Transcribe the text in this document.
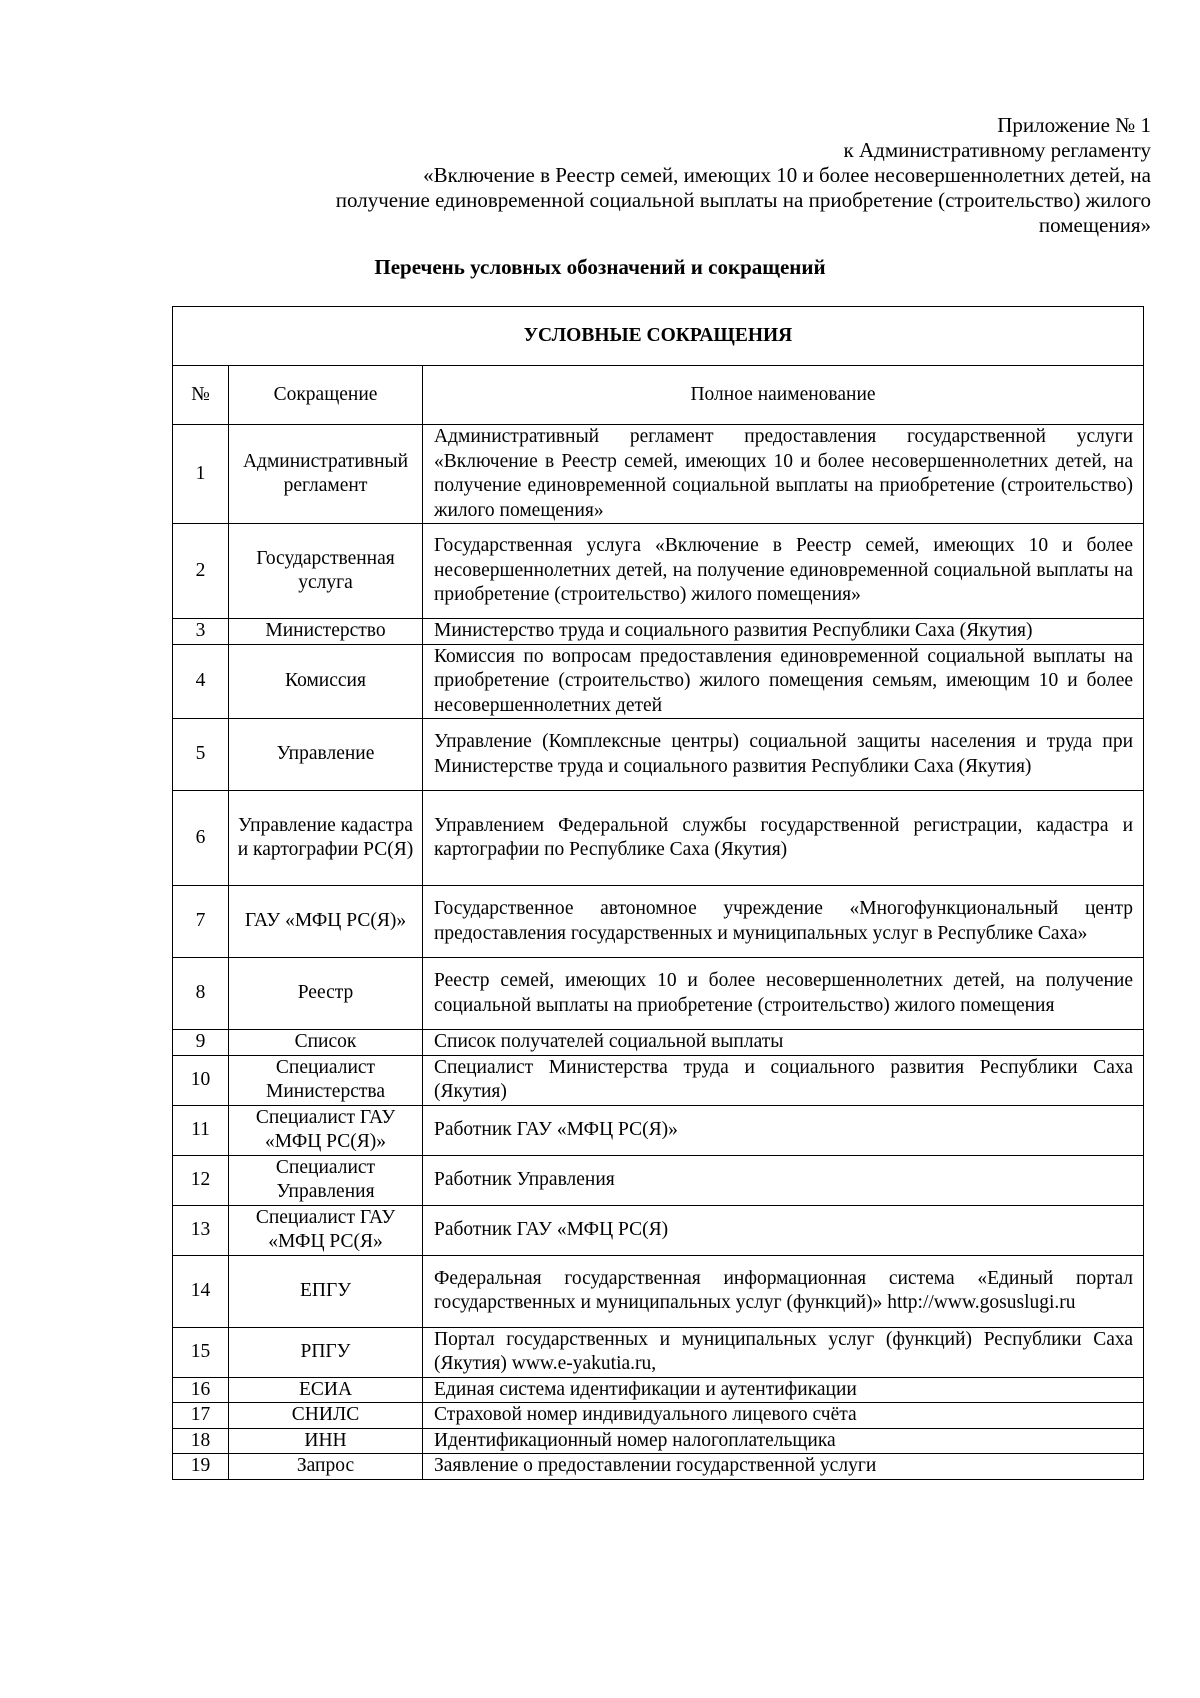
Приложение № 1
к Административному регламенту
«Включение в Реестр семей, имеющих 10 и более несовершеннолетних детей, на
получение единовременной социальной выплаты на приобретение (строительство) жилого
помещения»
Перечень условных обозначений и сокращений
УСЛОВНЫЕ СОКРАЩЕНИЯ		
№	Сокращение	Полное наименование
1	Административный регламент	Административный регламент предоставления государственной услуги «Включение в Реестр семей, имеющих 10 и более несовершеннолетних детей, на получение единовременной социальной выплаты на приобретение (строительство) жилого помещения»
2	Государственная услуга	Государственная услуга «Включение в Реестр семей, имеющих 10 и более несовершеннолетних детей, на получение единовременной социальной выплаты на приобретение (строительство) жилого помещения»
3	Министерство	Министерство труда и социального развития Республики Саха (Якутия)
4	Комиссия	Комиссия по вопросам предоставления единовременной социальной выплаты на приобретение (строительство) жилого помещения семьям, имеющим 10 и более несовершеннолетних детей
5	Управление	Управление (Комплексные центры) социальной защиты населения и труда при Министерстве труда и социального развития Республики Саха (Якутия)
6	Управление кадастра и картографии РС(Я)	Управлением Федеральной службы государственной регистрации, кадастра и картографии по Республике Саха (Якутия)
7	ГАУ «МФЦ РС(Я)»	Государственное автономное учреждение «Многофункциональный центр предоставления государственных и муниципальных услуг в Республике Саха»
8	Реестр	Реестр семей, имеющих 10 и более несовершеннолетних детей, на получение социальной выплаты на приобретение (строительство) жилого помещения
9	Список	Список получателей социальной выплаты
10	Специалист Министерства	Специалист Министерства труда и социального развития Республики Саха (Якутия)
11	Специалист ГАУ «МФЦ РС(Я)»	Работник ГАУ «МФЦ РС(Я)»
12	Специалист Управления	Работник Управления
13	Специалист ГАУ «МФЦ РС(Я»	Работник ГАУ «МФЦ РС(Я)
14	ЕПГУ	Федеральная государственная информационная система «Единый портал государственных и муниципальных услуг (функций)» http://www.gosuslugi.ru
15	РПГУ	Портал государственных и муниципальных услуг (функций) Республики Саха (Якутия) www.e-yakutia.ru,
16	ЕСИА	Единая система идентификации и аутентификации
17	СНИЛС	Страховой номер индивидуального лицевого счёта
18	ИНН	Идентификационный номер налогоплательщика
19	Запрос	Заявление о предоставлении государственной услуги
